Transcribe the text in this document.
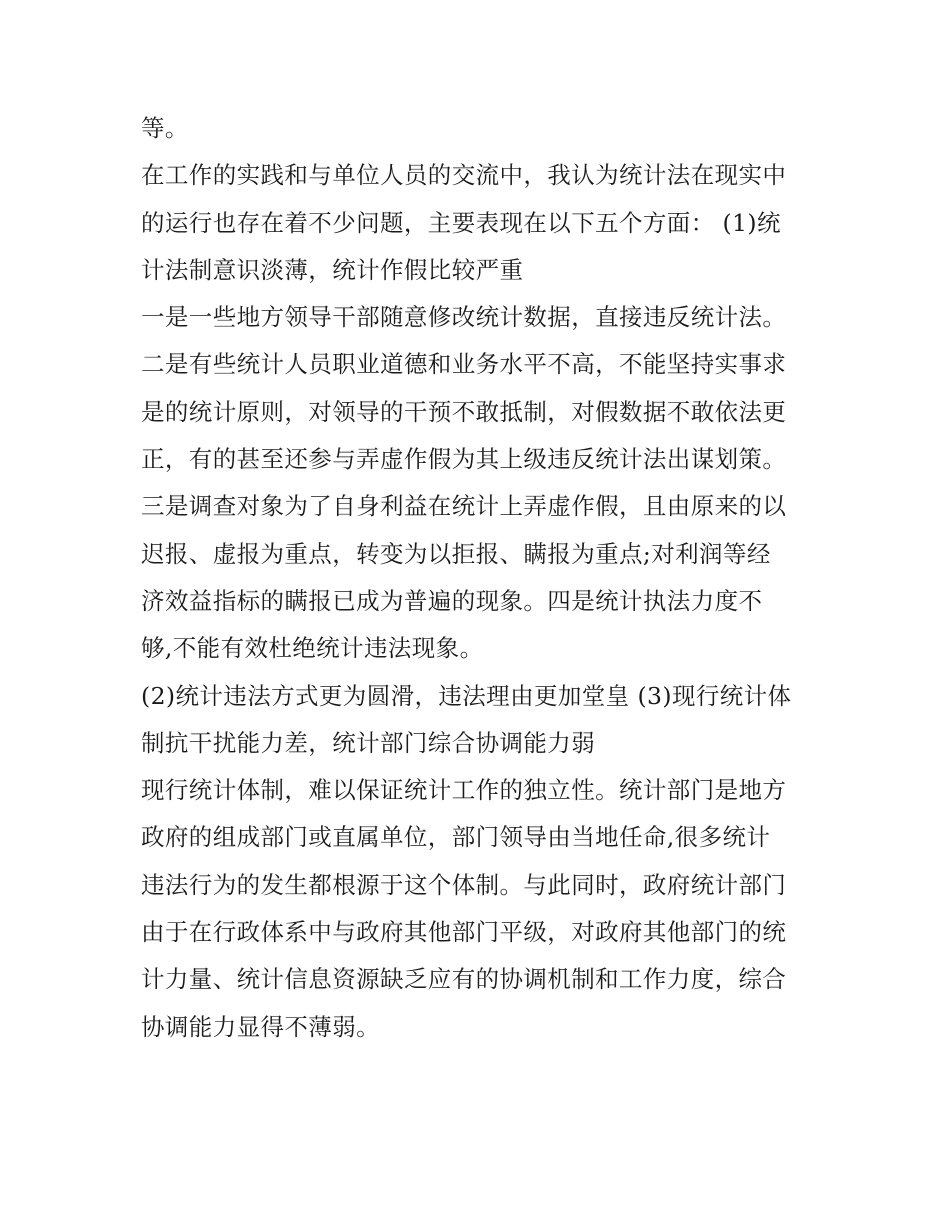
等。
在工作的实践和与单位人员的交流中，我认为统计法在现实中
的运行也存在着不少问题，主要表现在以下五个方面： (1)统
计法制意识淡薄，统计作假比较严重
一是一些地方领导干部随意修改统计数据，直接违反统计法。
二是有些统计人员职业道德和业务水平不高，不能坚持实事求
是的统计原则，对领导的干预不敢抵制，对假数据不敢依法更
正，有的甚至还参与弄虚作假为其上级违反统计法出谋划策。
三是调查对象为了自身利益在统计上弄虚作假，且由原来的以
迟报、虚报为重点，转变为以拒报、瞒报为重点;对利润等经
济效益指标的瞒报已成为普遍的现象。四是统计执法力度不
够,不能有效杜绝统计违法现象。
(2)统计违法方式更为圆滑，违法理由更加堂皇 (3)现行统计体
制抗干扰能力差，统计部门综合协调能力弱
现行统计体制，难以保证统计工作的独立性。统计部门是地方
政府的组成部门或直属单位，部门领导由当地任命,很多统计
违法行为的发生都根源于这个体制。与此同时，政府统计部门
由于在行政体系中与政府其他部门平级，对政府其他部门的统
计力量、统计信息资源缺乏应有的协调机制和工作力度，综合
协调能力显得不薄弱。
